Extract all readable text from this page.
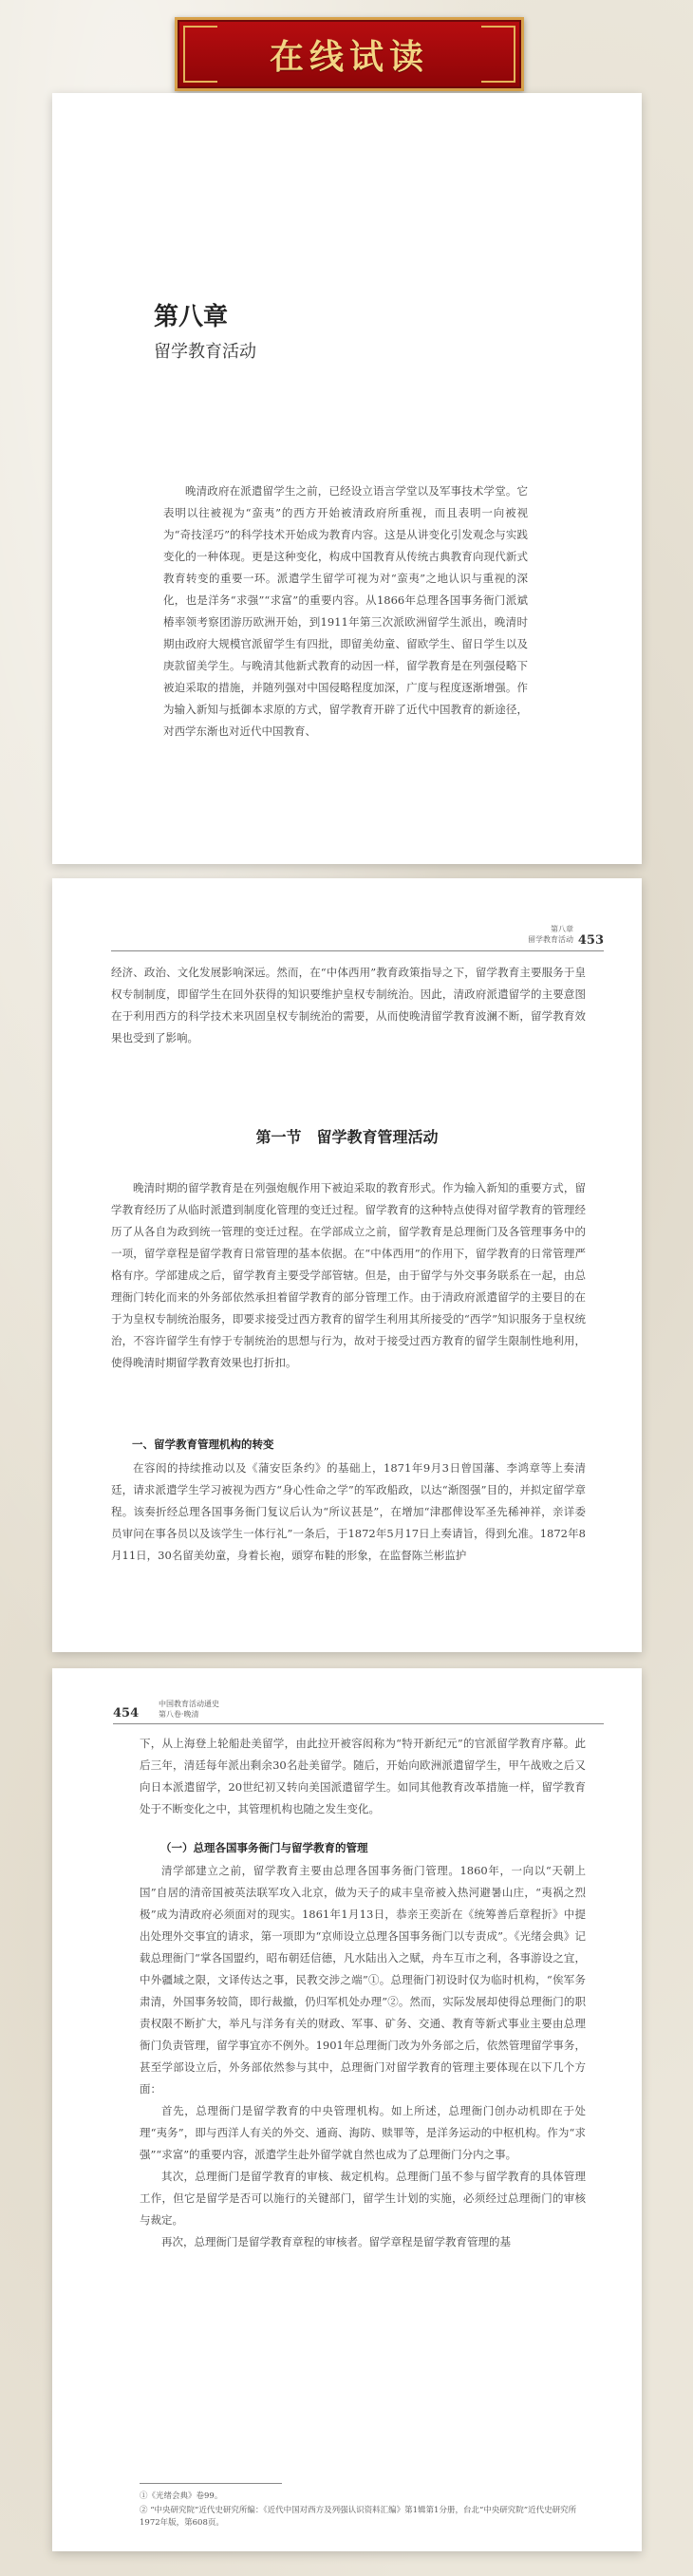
在线试读

第八章

留学教育活动

晚清政府在派遣留学生之前，已经设立语言学堂以及军事技术学堂。它表明以往被视为“蛮夷”的西方开始被清政府所重视，而且表明一向被视为“奇技淫巧”的科学技术开始成为教育内容。这是从讲变化引发观念与实践变化的一种体现。更是这种变化，构成中国教育从传统古典教育向现代新式教育转变的重要一环。派遣学生留学可视为对“蛮夷”之地认识与重视的深化，也是洋务“求强”“求富”的重要内容。从1866年总理各国事务衙门派斌椿率领考察团游历欧洲开始，到1911年第三次派欧洲留学生派出，晚清时期由政府大规模官派留学生有四批，即留美幼童、留欧学生、留日学生以及庚款留美学生。与晚清其他新式教育的动因一样，留学教育是在列强侵略下被迫采取的措施，并随列强对中国侵略程度加深，广度与程度逐渐增强。作为输入新知与抵御本求原的方式，留学教育开辟了近代中国教育的新途径，对西学东渐也对近代中国教育、

第八章
留学教育活动 453

经济、政治、文化发展影响深远。然而，在“中体西用”教育政策指导之下，留学教育主要服务于皇权专制制度，即留学生在回外获得的知识要维护皇权专制统治。因此，清政府派遣留学的主要意图在于利用西方的科学技术来巩固皇权专制统治的需要，从而使晚清留学教育波澜不断，留学教育效果也受到了影响。

第一节　留学教育管理活动

晚清时期的留学教育是在列强炮舰作用下被迫采取的教育形式。作为输入新知的重要方式，留学教育经历了从临时派遣到制度化管理的变迁过程。留学教育的这种特点使得对留学教育的管理经历了从各自为政到统一管理的变迁过程。在学部成立之前，留学教育是总理衙门及各管理事务中的一项，留学章程是留学教育日常管理的基本依据。在“中体西用”的作用下，留学教育的日常管理严格有序。学部建成之后，留学教育主要受学部管辖。但是，由于留学与外交事务联系在一起，由总理衙门转化而来的外务部依然承担着留学教育的部分管理工作。由于清政府派遣留学的主要目的在于为皇权专制统治服务，即要求接受过西方教育的留学生利用其所接受的“西学”知识服务于皇权统治，不容许留学生有悖于专制统治的思想与行为，故对于接受过西方教育的留学生限制性地利用，使得晚清时期留学教育效果也打折扣。

一、留学教育管理机构的转变

在容闳的持续推动以及《蒲安臣条约》的基础上，1871年9月3日曾国藩、李鸿章等上奏清廷，请求派遣学生学习被视为西方“身心性命之学”的军政船政，以达“渐图强”目的，并拟定留学章程。该奏折经总理各国事务衙门复议后认为“所议甚是”，在增加“津郡俾设军圣先稀神祥，亲详委员审问在事各员以及该学生一体行礼”一条后，于1872年5月17日上奏请旨，得到允准。1872年8月11日，30名留美幼童，身着长袍，頭穿布鞋的形象，在监督陈兰彬监护

中国教育活动通史
第八卷·晚清
454

下，从上海登上轮船赴美留学，由此拉开被容闳称为“特开新纪元”的官派留学教育序幕。此后三年，清廷每年派出剩余30名赴美留学。随后，开始向欧洲派遣留学生，甲午战败之后又向日本派遣留学，20世纪初又转向美国派遣留学生。如同其他教育改革措施一样，留学教育处于不断变化之中，其管理机构也随之发生变化。

（一）总理各国事务衙门与留学教育的管理

清学部建立之前，留学教育主要由总理各国事务衙门管理。1860年，一向以“天朝上国”自居的清帝国被英法联军攻入北京，做为天子的咸丰皇帝被入热河避暑山庄，“夷祸之烈极”成为清政府必须面对的现实。1861年1月13日，恭亲王奕訢在《统筹善后章程折》中提出处理外交事宜的请求，第一项即为“京师设立总理各国事务衙门以专责成”。《光绪会典》记载总理衙门“掌各国盟约，昭布朝廷信德，凡水陆出入之赋，舟车互市之利，各事游设之宜，中外疆域之限，文译传达之事，民教交涉之端”①。总理衙门初设时仅为临时机构，“俟军务肃清，外国事务较简，即行裁撤，仍归军机处办理”②。然而，实际发展却使得总理衙门的职责权限不断扩大，举凡与洋务有关的财政、军事、矿务、交通、教育等新式事业主要由总理衙门负责管理，留学事宜亦不例外。1901年总理衙门改为外务部之后，依然管理留学事务，甚至学部设立后，外务部依然参与其中，总理衙门对留学教育的管理主要体现在以下几个方面：

首先，总理衙门是留学教育的中央管理机构。如上所述，总理衙门创办动机即在于处理“夷务”，即与西洋人有关的外交、通商、海防、赎罪等，是洋务运动的中枢机构。作为“求强”“求富”的重要内容，派遣学生赴外留学就自然也成为了总理衙门分内之事。

其次，总理衙门是留学教育的审核、裁定机构。总理衙门虽不参与留学教育的具体管理工作，但它是留学是否可以施行的关键部门，留学生计划的实施，必须经过总理衙门的审核与裁定。

再次，总理衙门是留学教育章程的审核者。留学章程是留学教育管理的基

①《光绪会典》卷99。

② “中央研究院”近代史研究所编：《近代中国对西方及列强认识资料汇编》第1辑第1分册，台北“中央研究院”近代史研究所1972年版，第608页。
